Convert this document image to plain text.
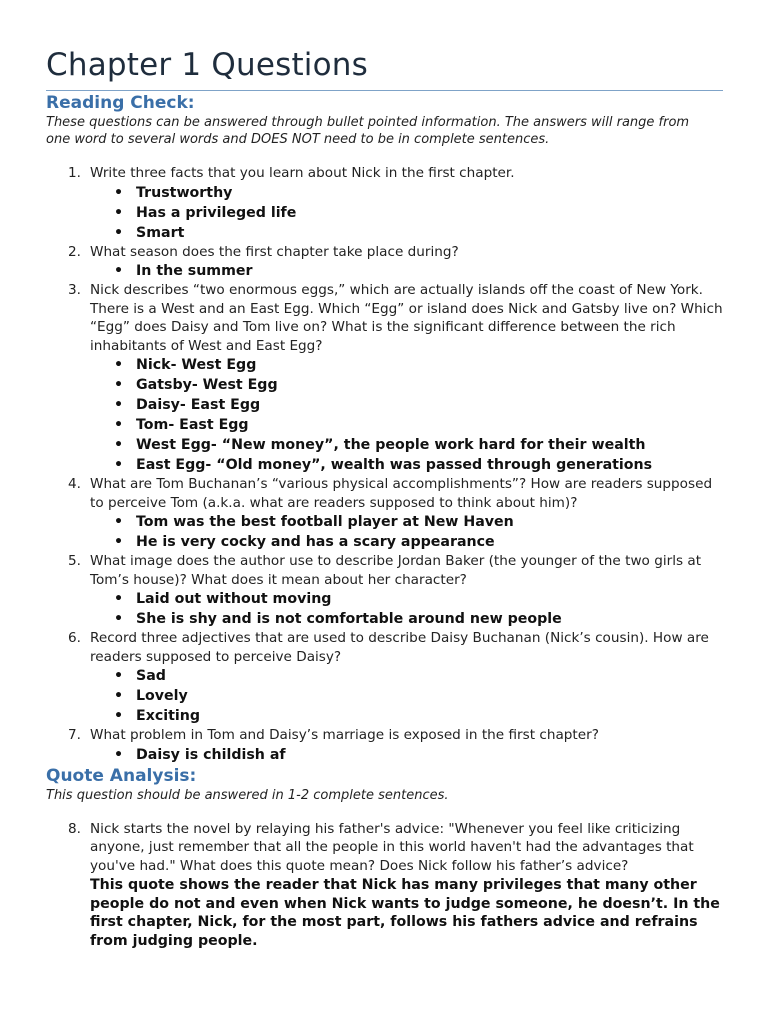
Chapter 1 Questions
Reading Check:

These questions can be answered through bullet pointed information. The answers will range from one word to several words and DOES NOT need to be in complete sentences.

1. Write three facts that you learn about Nick in the first chapter.
• Trustworthy
• Has a privileged life
• Smart
2. What season does the first chapter take place during?
• In the summer
3. Nick describes “two enormous eggs,” which are actually islands off the coast of New York. There is a West and an East Egg. Which “Egg” or island does Nick and Gatsby live on? Which “Egg” does Daisy and Tom live on? What is the significant difference between the rich inhabitants of West and East Egg?
• Nick- West Egg
• Gatsby- West Egg
• Daisy- East Egg
• Tom- East Egg
• West Egg- “New money”, the people work hard for their wealth
• East Egg- “Old money”, wealth was passed through generations
4. What are Tom Buchanan’s “various physical accomplishments”? How are readers supposed to perceive Tom (a.k.a. what are readers supposed to think about him)?
• Tom was the best football player at New Haven
• He is very cocky and has a scary appearance
5. What image does the author use to describe Jordan Baker (the younger of the two girls at Tom’s house)? What does it mean about her character?
• Laid out without moving
• She is shy and is not comfortable around new people
6. Record three adjectives that are used to describe Daisy Buchanan (Nick’s cousin). How are readers supposed to perceive Daisy?
• Sad
• Lovely
• Exciting
7. What problem in Tom and Daisy’s marriage is exposed in the first chapter?
• Daisy is childish af
Quote Analysis:

This question should be answered in 1-2 complete sentences.

8. Nick starts the novel by relaying his father's advice: "Whenever you feel like criticizing anyone, just remember that all the people in this world haven't had the advantages that you've had." What does this quote mean? Does Nick follow his father’s advice?
This quote shows the reader that Nick has many privileges that many other people do not and even when Nick wants to judge someone, he doesn’t. In the first chapter, Nick, for the most part, follows his fathers advice and refrains from judging people.
